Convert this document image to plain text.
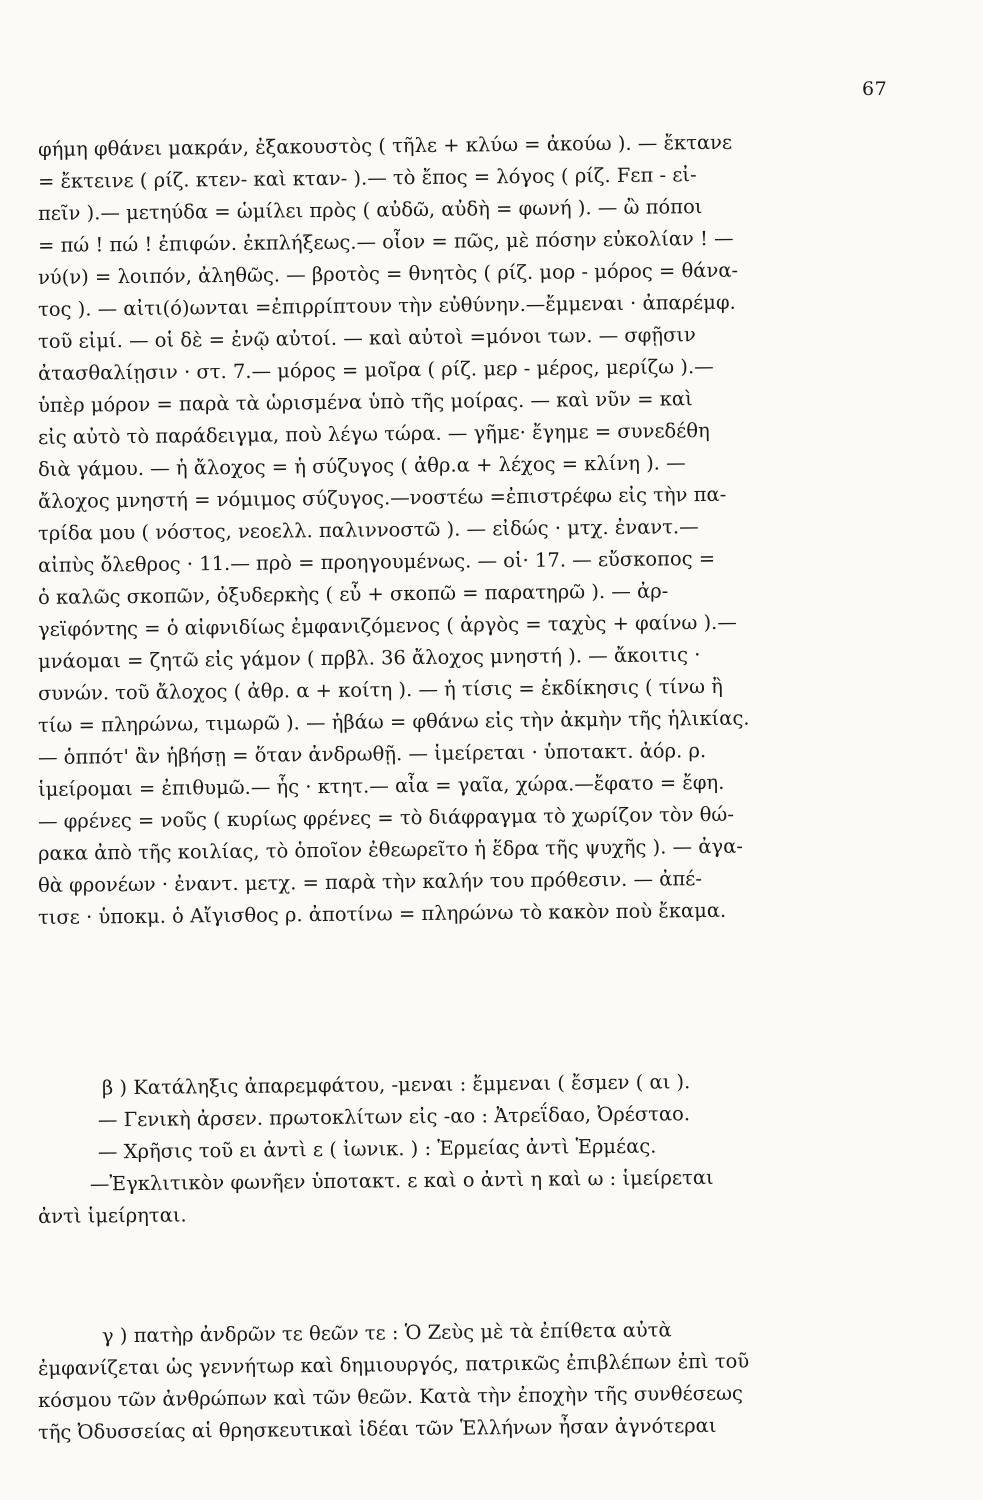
67
φήμη φθάνει μακράν, ἐξακουστὸς ( τῆλε + κλύω = ἀκούω ). — ἔκτανε
= ἔκτεινε ( ρίζ. κτεν- καὶ κταν- ).— τὸ ἔπος = λόγος ( ρίζ. Fεπ - εἰ-
πεῖν ).— μετηύδα = ὡμίλει πρὸς ( αὐδῶ, αὐδὴ = φωνή ). — ὢ πόποι
= πώ ! πώ ! ἐπιφών. ἐκπλήξεως.— οἷον = πῶς, μὲ πόσην εὐκολίαν ! —
νύ(ν) = λοιπόν, ἀληθῶς. — βροτὸς = θνητὸς ( ρίζ. μορ - μόρος = θάνα-
τος ). — αἰτι(ό)ωνται =ἐπιρρίπτουν τὴν εὐθύνην.—ἔμμεναι · ἀπαρέμφ.
τοῦ εἰμί. — οἱ δὲ = ἐνῷ αὐτοί. — καὶ αὐτοὶ =μόνοι των. — σφῇσιν
ἀτασθαλίῃσιν · στ. 7.— μόρος = μοῖρα ( ρίζ. μερ - μέρος, μερίζω ).—
ὑπὲρ μόρον = παρὰ τὰ ὡρισμένα ὑπὸ τῆς μοίρας. — καὶ νῦν = καὶ
εἰς αὐτὸ τὸ παράδειγμα, ποὺ λέγω τώρα. — γῆμε· ἔγημε = συνεδέθη
διὰ γάμου. — ἡ ἄλοχος = ἡ σύζυγος ( ἀθρ.α + λέχος = κλίνη ). —
ἄλοχος μνηστή = νόμιμος σύζυγος.—νοστέω =ἐπιστρέφω εἰς τὴν πα-
τρίδα μου ( νόστος, νεοελλ. παλιννοστῶ ). — εἰδώς · μτχ. ἐναντ.—
αἰπὺς ὄλεθρος · 11.— πρὸ = προηγουμένως. — οἱ· 17. — εὔσκοπος =
ὁ καλῶς σκοπῶν, ὀξυδερκὴς ( εὖ + σκοπῶ = παρατηρῶ ). — ἀρ-
γεϊφόντης = ὁ αἰφνιδίως ἐμφανιζόμενος ( ἀργὸς = ταχὺς + φαίνω ).—
μνάομαι = ζητῶ εἰς γάμον ( πρβλ. 36 ἄλοχος μνηστή ). — ἄκοιτις ·
συνών. τοῦ ἄλοχος ( ἀθρ. α + κοίτη ). — ἡ τίσις = ἐκδίκησις ( τίνω ἢ
τίω = πληρώνω, τιμωρῶ ). — ἡβάω = φθάνω εἰς τὴν ἀκμὴν τῆς ἡλικίας.
— ὁππότ' ἂν ἡβήσῃ = ὅταν ἀνδρωθῇ. — ἱμείρεται · ὑποτακτ. ἀόρ. ρ.
ἱμείρομαι = ἐπιθυμῶ.— ἧς · κτητ.— αἶα = γαῖα, χώρα.—ἔφατο = ἔφη.
— φρένες = νοῦς ( κυρίως φρένες = τὸ διάφραγμα τὸ χωρίζον τὸν θώ-
ρακα ἀπὸ τῆς κοιλίας, τὸ ὁποῖον ἐθεωρεῖτο ἡ ἕδρα τῆς ψυχῆς ). — ἀγα-
θὰ φρονέων · ἐναντ. μετχ. = παρὰ τὴν καλήν του πρόθεσιν. — ἀπέ-
τισε · ὑποκμ. ὁ Αἴγισθος ρ. ἀποτίνω = πληρώνω τὸ κακὸν ποὺ ἔκαμα.
β ) Κατάληξις ἀπαρεμφάτου, -μεναι : ἔμμεναι ( ἔσμεν ( αι ).
— Γενικὴ ἀρσεν. πρωτοκλίτων εἰς -αο : Ἀτρεΐδαο, Ὀρέσταο.
— Χρῆσις τοῦ ει ἀντὶ ε ( ἰωνικ. ) : Ἑρμείας ἀντὶ Ἑρμέας.
—Ἐγκλιτικὸν φωνῆεν ὑποτακτ. ε καὶ ο ἀντὶ η καὶ ω : ἱμείρεται
ἀντὶ ἱμείρηται.
γ ) πατὴρ ἀνδρῶν τε θεῶν τε : Ὁ Ζεὺς μὲ τὰ ἐπίθετα αὐτὰ
ἐμφανίζεται ὡς γεννήτωρ καὶ δημιουργός, πατρικῶς ἐπιβλέπων ἐπὶ τοῦ
κόσμου τῶν ἀνθρώπων καὶ τῶν θεῶν. Κατὰ τὴν ἐποχὴν τῆς συνθέσεως
τῆς Ὀδυσσείας αἱ θρησκευτικαὶ ἰδέαι τῶν Ἑλλήνων ἦσαν ἀγνότεραι
